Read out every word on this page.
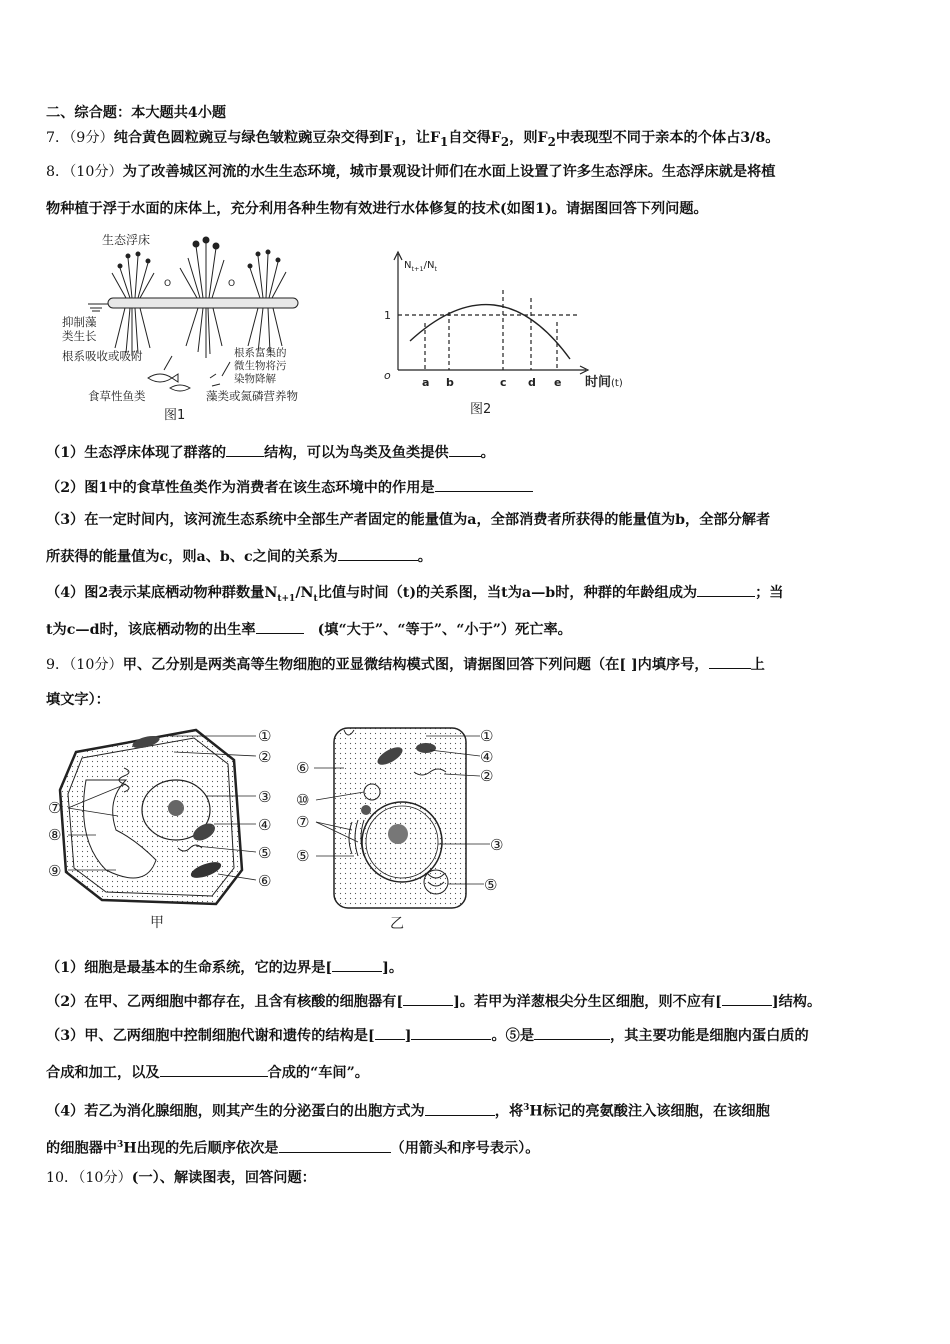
二、综合题：本大题共4小题
7．（9分）纯合黄色圆粒豌豆与绿色皱粒豌豆杂交得到$F_1$，让$F_1$自交得$F_2$，则$F_2$中表现型不同于亲本的个体占3/8。
8．（10分）为了改善城区河流的水生生态环境，城市景观设计师们在水面上设置了许多生态浮床。生态浮床就是将植
物种植于浮于水面的床体上，充分利用各种生物有效进行水体修复的技术(如图1)。请据图回答下列问题。
生态浮床
抑制藻
类生长
根系吸收或吸附	根系富集的
微生物将污
染物降解
食草性鱼类	藻类或氮磷营养物
O	O
图1
$N_{t+1}/N_t$
1
o
a b	c d e 时间(t)
图2
（1）生态浮床体现了群落的	结构，可以为鸟类及鱼类提供 。
（2）图1中的食草性鱼类作为消费者在该生态环境中的作用是
（3）在一定时间内，该河流生态系统中全部生产者固定的能量值为a，全部消费者所获得的能量值为b，全部分解者
所获得的能量值为c，则a、b、c之间的关系为	。
（4）图2表示某底栖动物种群数量$N_{t+1}/N_t$比值与时间（t)的关系图，当t为a—b时，种群的年龄组成为	；当
t为c—d时，该底栖动物的出生率	(填“大于”、“等于”、“小于”）死亡率。
9．（10分）甲、乙分别是两类高等生物细胞的亚显微结构模式图，请据图回答下列问题（在[ ]内填序号，	上
填文字）：
①
②
③
④
⑤
⑥
⑦
⑧
⑨
甲
①
④
②
⑥
⑩
⑦
⑤
③
⑤
乙
（1）细胞是最基本的生命系统，它的边界是[	]。
（2）在甲、乙两细胞中都存在，且含有核酸的细胞器有[	]。若甲为洋葱根尖分生区细胞，则不应有[	]结构。
（3）甲、乙两细胞中控制细胞代谢和遗传的结构是[ ]	。⑤是	，其主要功能是细胞内蛋白质的
合成和加工，以及	合成的“车间”。
（4）若乙为消化腺细胞，则其产生的分泌蛋白的出胞方式为	，将$^3$H标记的亮氨酸注入该细胞，在该细胞
的细胞器中$^3$H出现的先后顺序依次是	（用箭头和序号表示）。
10．（10分）(一）、解读图表，回答问题：
